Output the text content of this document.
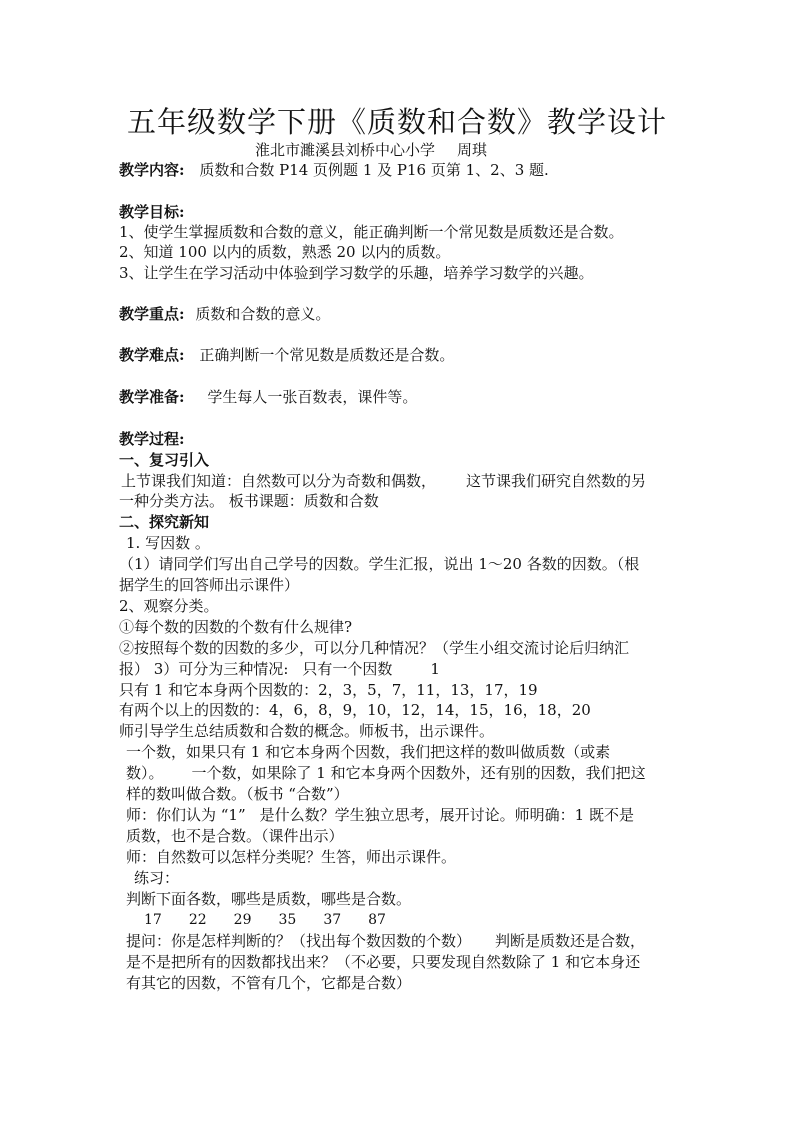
五年级数学下册《质数和合数》教学设计
淮北市濉溪县刘桥中心小学 周琪
教学内容: 质数和合数 P14 页例题 1 及 P16 页第 1、2、3 题.
教学目标:
1、使学生掌握质数和合数的意义，能正确判断一个常见数是质数还是合数。
2、知道 100 以内的质数，熟悉 20 以内的质数。
3、让学生在学习活动中体验到学习数学的乐趣，培养学习数学的兴趣。
教学重点: 质数和合数的意义。
教学难点: 正确判断一个常见数是质数还是合数。
教学准备: 学生每人一张百数表，课件等。
教学过程:
一、复习引入
上节课我们知道：自然数可以分为奇数和偶数， 这节课我们研究自然数的另
一种分类方法。 板书课题：质数和合数
二、探究新知
1. 写因数 。
（1）请同学们写出自己学号的因数。学生汇报，说出 1～20 各数的因数。（根
据学生的回答师出示课件）
2、观察分类。
①每个数的因数的个数有什么规律?
②按照每个数的因数的多少，可以分几种情况？（学生小组交流讨论后归纳汇
报） 3）可分为三种情况: 只有一个因数	1
只有 1 和它本身两个因数的：2，3，5，7，11，13，17，19
有两个以上的因数的：4，6，8，9，10，12，14，15，16，18，20
师引导学生总结质数和合数的概念。师板书，出示课件。
一个数，如果只有 1 和它本身两个因数，我们把这样的数叫做质数（或素
数）。 一个数，如果除了 1 和它本身两个因数外，还有别的因数，我们把这
样的数叫做合数。（板书 “合数”）
师：你们认为 “1” 是什么数？学生独立思考，展开讨论。师明确：1 既不是
质数，也不是合数。（课件出示）
师：自然数可以怎样分类呢？生答，师出示课件。
练习：
判断下面各数，哪些是质数，哪些是合数。
17 22 29 35 37 87
提问：你是怎样判断的？（找出每个数因数的个数） 判断是质数还是合数，
是不是把所有的因数都找出来？（不必要，只要发现自然数除了 1 和它本身还
有其它的因数，不管有几个，它都是合数）
